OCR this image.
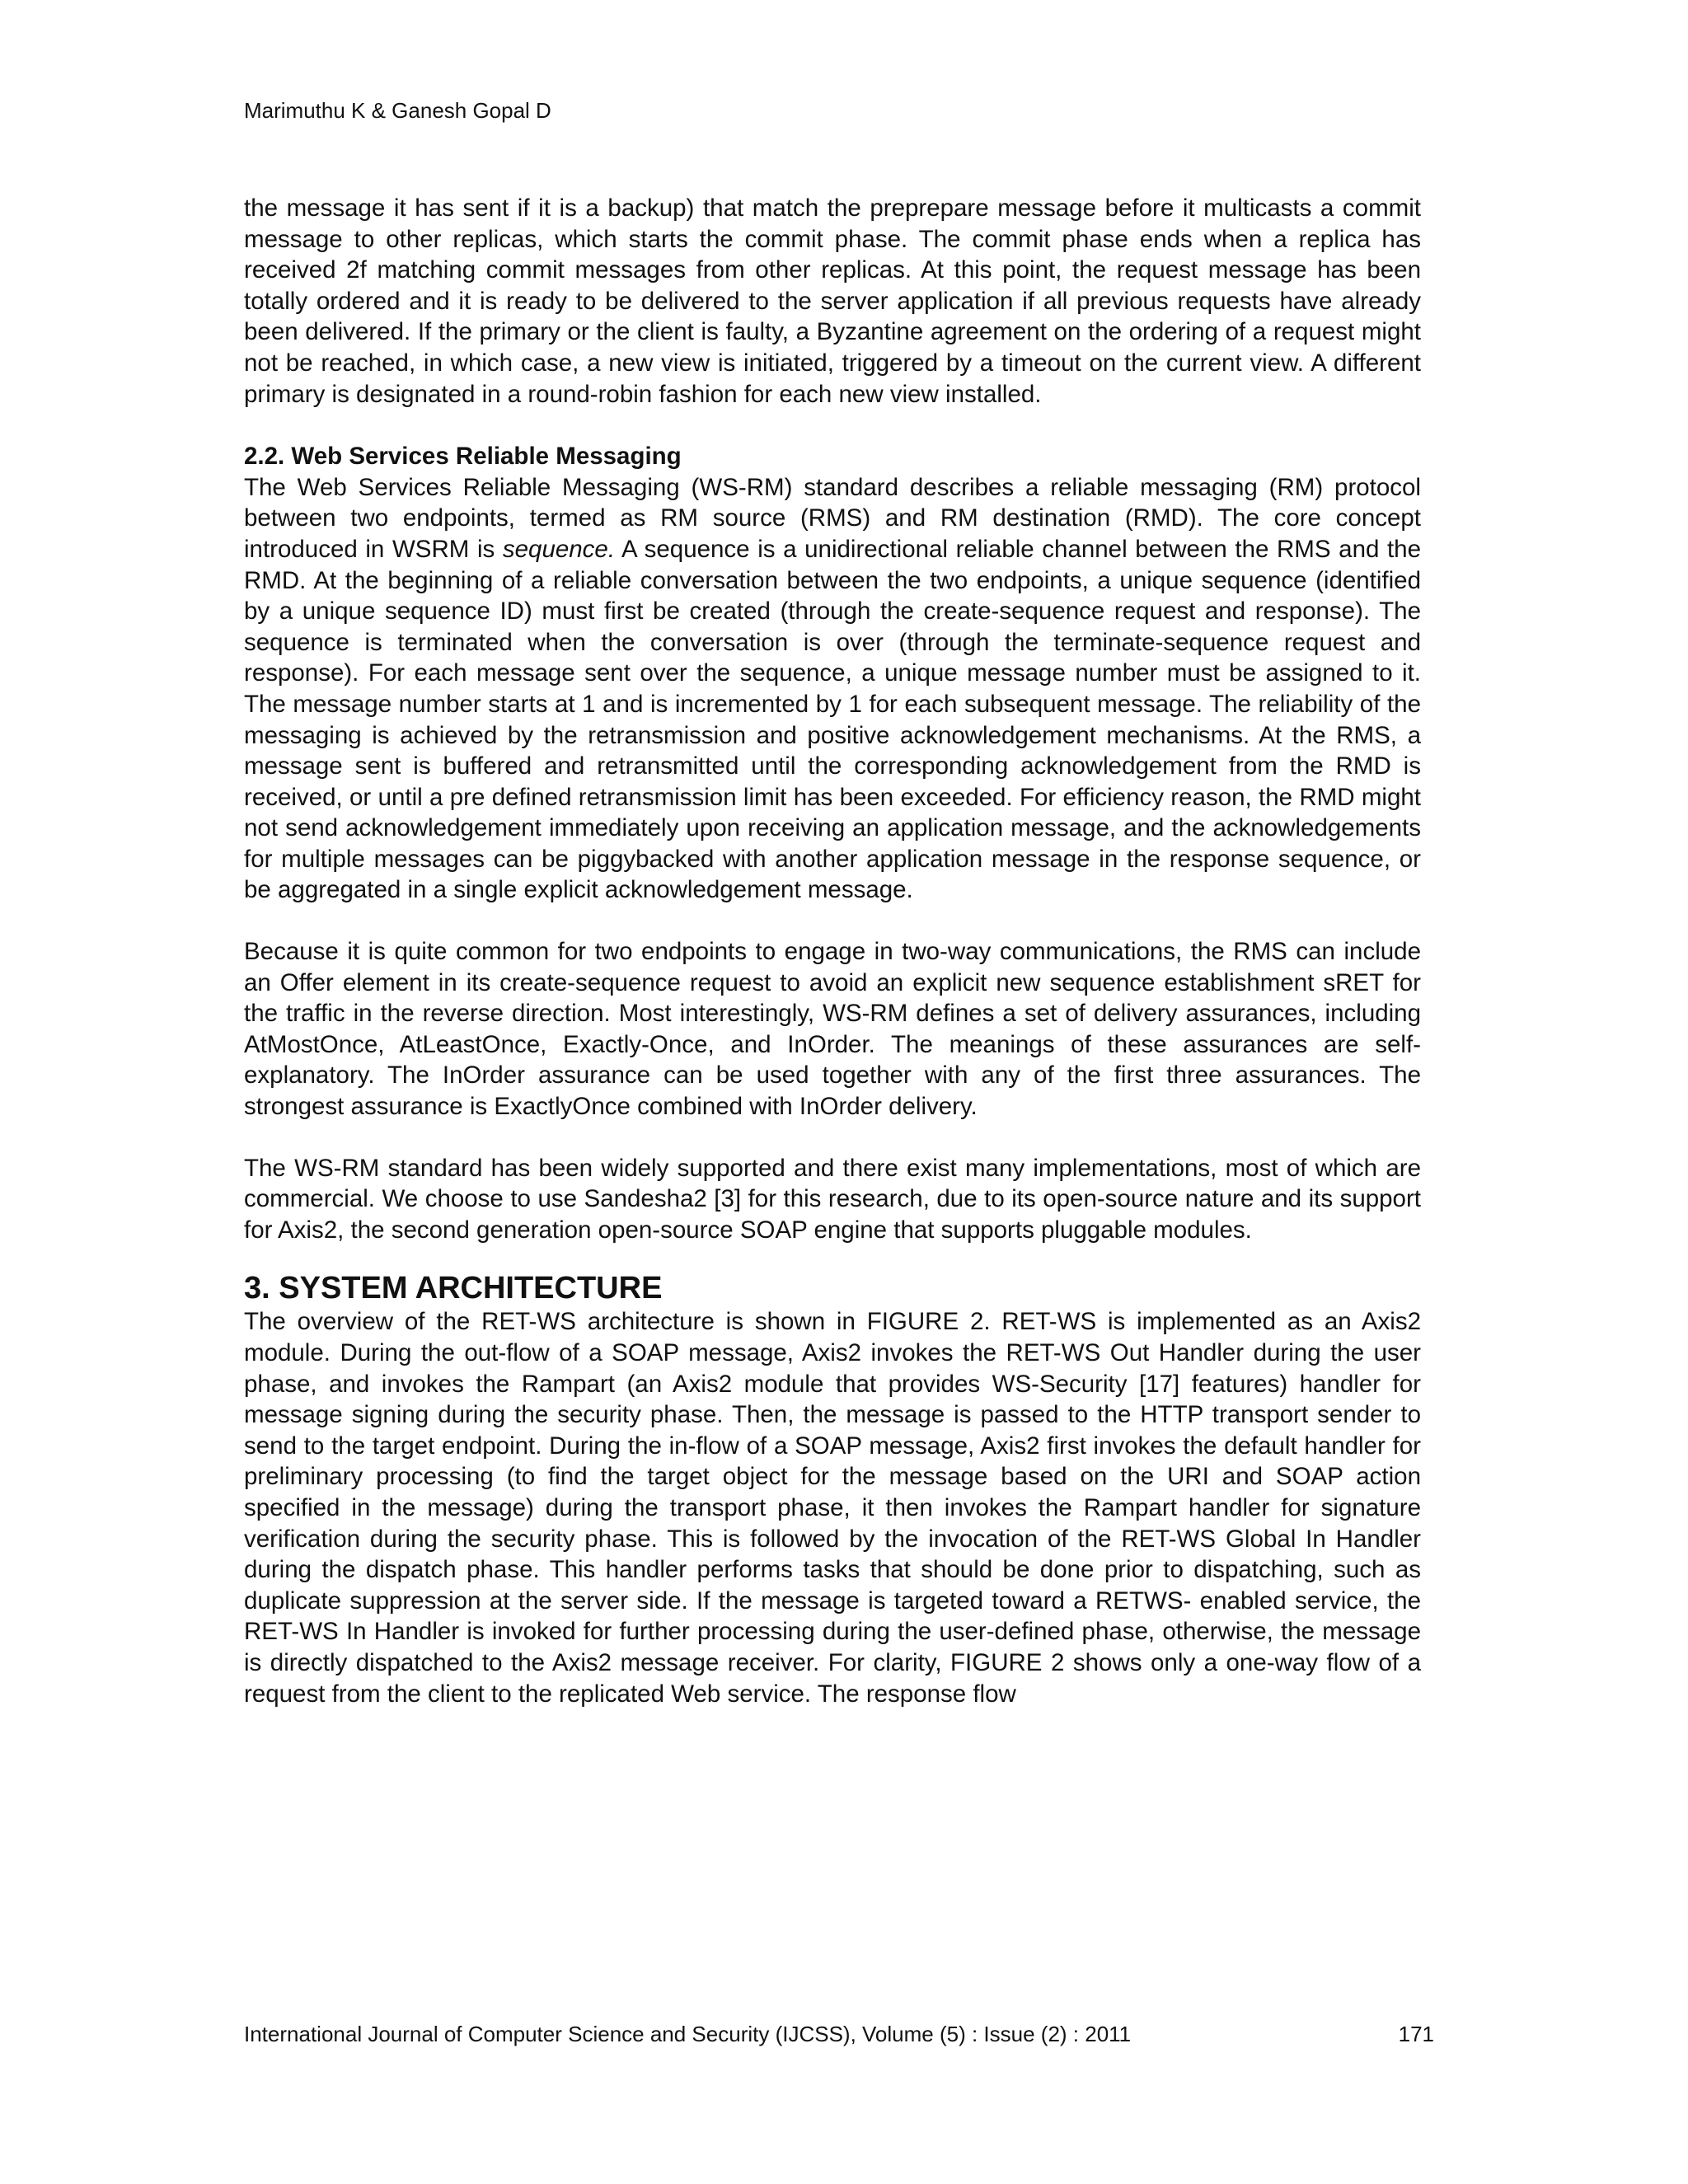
Marimuthu K & Ganesh Gopal D

the message it has sent if it is a backup) that match the preprepare message before it multicasts a commit message to other replicas, which starts the commit phase. The commit phase ends when a replica has received 2f matching commit messages from other replicas. At this point, the request message has been totally ordered and it is ready to be delivered to the server application if all previous requests have already been delivered. If the primary or the client is faulty, a Byzantine agreement on the ordering of a request might not be reached, in which case, a new view is initiated, triggered by a timeout on the current view. A different primary is designated in a round-robin fashion for each new view installed.

2.2. Web Services Reliable Messaging

The Web Services Reliable Messaging (WS-RM) standard describes a reliable messaging (RM) protocol between two endpoints, termed as RM source (RMS) and RM destination (RMD). The core concept introduced in WSRM is sequence. A sequence is a unidirectional reliable channel between the RMS and the RMD. At the beginning of a reliable conversation between the two endpoints, a unique sequence (identified by a unique sequence ID) must first be created (through the create-sequence request and response). The sequence is terminated when the conversation is over (through the terminate-sequence request and response). For each message sent over the sequence, a unique message number must be assigned to it. The message number starts at 1 and is incremented by 1 for each subsequent message. The reliability of the messaging is achieved by the retransmission and positive acknowledgement mechanisms. At the RMS, a message sent is buffered and retransmitted until the corresponding acknowledgement from the RMD is received, or until a pre defined retransmission limit has been exceeded. For efficiency reason, the RMD might not send acknowledgement immediately upon receiving an application message, and the acknowledgements for multiple messages can be piggybacked with another application message in the response sequence, or be aggregated in a single explicit acknowledgement message.

Because it is quite common for two endpoints to engage in two-way communications, the RMS can include an Offer element in its create-sequence request to avoid an explicit new sequence establishment sRET for the traffic in the reverse direction. Most interestingly, WS-RM defines a set of delivery assurances, including AtMostOnce, AtLeastOnce, Exactly-Once, and InOrder. The meanings of these assurances are self-explanatory. The InOrder assurance can be used together with any of the first three assurances. The strongest assurance is ExactlyOnce combined with InOrder delivery.

The WS-RM standard has been widely supported and there exist many implementations, most of which are commercial. We choose to use Sandesha2 [3] for this research, due to its open-source nature and its support for Axis2, the second generation open-source SOAP engine that supports pluggable modules.

3. SYSTEM ARCHITECTURE

The overview of the RET-WS architecture is shown in FIGURE 2. RET-WS is implemented as an Axis2 module. During the out-flow of a SOAP message, Axis2 invokes the RET-WS Out Handler during the user phase, and invokes the Rampart (an Axis2 module that provides WS-Security [17] features) handler for message signing during the security phase. Then, the message is passed to the HTTP transport sender to send to the target endpoint. During the in-flow of a SOAP message, Axis2 first invokes the default handler for preliminary processing (to find the target object for the message based on the URI and SOAP action specified in the message) during the transport phase, it then invokes the Rampart handler for signature verification during the security phase. This is followed by the invocation of the RET-WS Global In Handler during the dispatch phase. This handler performs tasks that should be done prior to dispatching, such as duplicate suppression at the server side. If the message is targeted toward a RETWS- enabled service, the RET-WS In Handler is invoked for further processing during the user-defined phase, otherwise, the message is directly dispatched to the Axis2 message receiver. For clarity, FIGURE 2 shows only a one-way flow of a request from the client to the replicated Web service. The response flow

International Journal of Computer Science and Security (IJCSS), Volume (5) : Issue (2) : 2011	171
